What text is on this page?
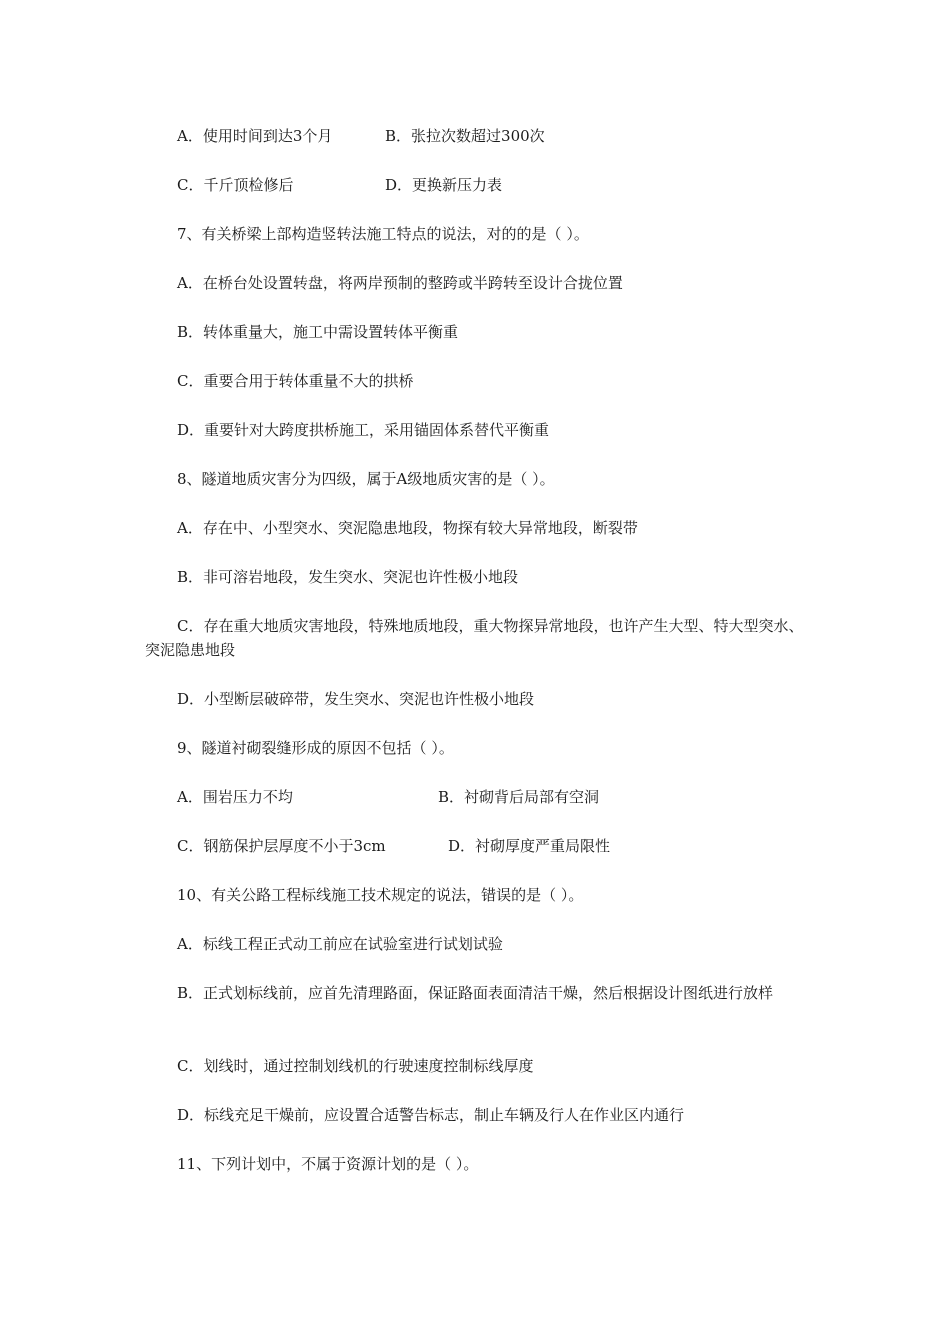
A．使用时间到达3个月	B．张拉次数超过300次
C．千斤顶检修后	D．更换新压力表
7、有关桥梁上部构造竖转法施工特点的说法，对的的是（ ）。
A．在桥台处设置转盘，将两岸预制的整跨或半跨转至设计合拢位置
B．转体重量大，施工中需设置转体平衡重
C．重要合用于转体重量不大的拱桥
D．重要针对大跨度拱桥施工，采用锚固体系替代平衡重
8、隧道地质灾害分为四级，属于A级地质灾害的是（ ）。
A．存在中、小型突水、突泥隐患地段，物探有较大异常地段，断裂带
B．非可溶岩地段，发生突水、突泥也许性极小地段
C．存在重大地质灾害地段，特殊地质地段，重大物探异常地段，也许产生大型、特大型突水、突泥隐患地段
D．小型断层破碎带，发生突水、突泥也许性极小地段
9、隧道衬砌裂缝形成的原因不包括（ ）。
A．围岩压力不均	B．衬砌背后局部有空洞
C．钢筋保护层厚度不小于3cm	D．衬砌厚度严重局限性
10、有关公路工程标线施工技术规定的说法，错误的是（ ）。
A．标线工程正式动工前应在试验室进行试划试验
B．正式划标线前，应首先清理路面，保证路面表面清洁干燥，然后根据设计图纸进行放样
C．划线时，通过控制划线机的行驶速度控制标线厚度
D．标线充足干燥前，应设置合适警告标志，制止车辆及行人在作业区内通行
11、下列计划中，不属于资源计划的是（ ）。
